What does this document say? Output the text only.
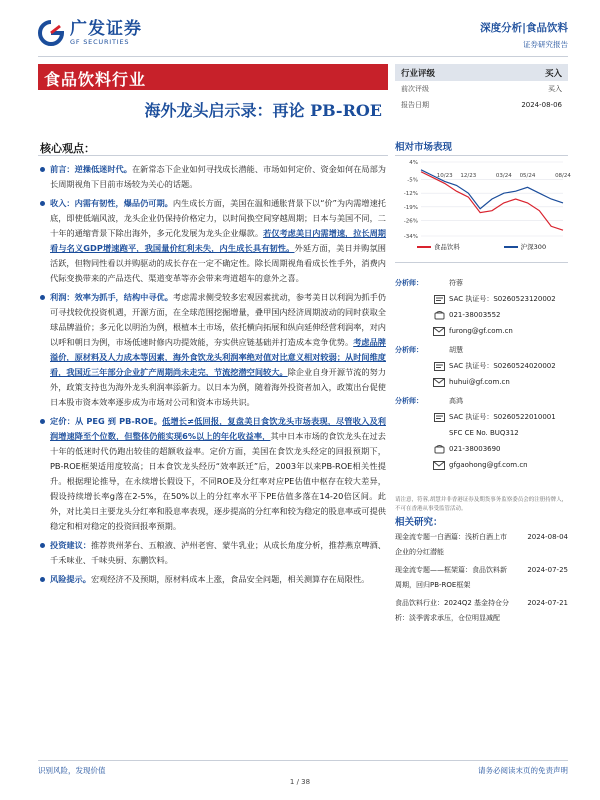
广发证券
GF SECURITIES
深度分析|食品饮料
证券研究报告
食品饮料行业
海外龙头启示录：再论 PB-ROE
行业评级	买入
前次评级	买入
报告日期	2024-08-06
核心观点：
前言：逆操低迷时代。在新常态下企业如何寻找成长潜能、市场如何定价、资金如何在局部为长周期视角下目前市场较为关心的话题。
收入：内需有韧性，爆品仍可期。内生成长方面，美国在温和通胀背景下以“价”为内需增速托底，即使低端风波，龙头企业仍保持价格定力，以时间换空间穿越周期；日本与美国不同，二十年的通缩背景下除出海外，多元化发展为龙头企业爆款。若仅考虑美日内需增速，拉长周期看与名义GDP增速跑平，我国量价红利未失，内生成长具有韧性。外延方面，美日并购氛围活跃，但物同性看以并购驱动的成长存在一定不确定性。除长周期视角看成长性手外，消费内代际变换带来的产品迭代、渠道变革等亦会带来弯道超车的意外之喜。
利润：效率为抓手，结构中寻优。考虑需求侧受较多宏观因素扰动，参考美日以利润为抓手仍可寻找较优投资机遇，开源方面，在全球范围挖掘增量，叠甲国内经济周期波动的同时获取全球品牌溢价；多元化以明治为例，根植本土市场，依托横向拓展和纵向延伸经营利润率，对内以呼和朝日为例，市场低速时修内功提效能，夯实供应链基础并打造成本竞争优势。考虑品牌溢价，原材料及人力成本等因素，海外食饮龙头利润率绝对值对比意义相对较弱；从时间维度看，我国近三年部分企业扩产周期尚未走完，节流挖潜空间较大。除企业自身开源节流的努力外，政策支持也为海外龙头利润率添新力。以日本为例，随着海外投资者加入，政策出台促使日本股市资本效率逐步成为市场对公司和资本市场共识。
定价：从 PEG 到 PB-ROE。低增长≠低回报，复盘美日食饮龙头市场表现，尽管收入及利润增速降至个位数，但整体仍能实现6%以上的年化收益率，其中日本市场的食饮龙头在过去十年的低迷时代仍跑出较佳的超额收益率。定价方面，美国在食饮龙头经定的回报预期下，PB-ROE框架适用度较高；日本食饮龙头经历“效率跃迁”后，2003年以来PB-ROE相关性提升。根据理论推导，在永续增长假设下，不同ROE及分红率对应PE估值中枢存在较大差异，假设持续增长率g落在2-5%，在50%以上的分红率水平下PE估值多落在14-20倍区间。此外，对比美日主要龙头分红率和股息率表现，逐步提高的分红率和较为稳定的股息率或可提供稳定和相对稳定的投资回报率预期。
投资建议：推荐贵州茅台、五粮液、泸州老窖、蒙牛乳业；从成长角度分析，推荐燕京啤酒、千禾味业、千味央厨、东鹏饮料。
风险提示。宏观经济不及预期，原材料成本上涨，食品安全问题，相关测算存在局限性。
相对市场表现
4%
-5%
-12%
-19%
-26%
-34%
10/23 12/23	03/24 05/24	08/24
食品饮料	沪深300
分析师：	符蓉
SAC 执证号：S0260523120002
021-38003552
furong@gf.com.cn
分析师：	胡慧
SAC 执证号：S0260524020002
huhui@gf.com.cn
分析师：	高鸿
SAC 执证号：S0260522010001
SFC CE No. BUQ312
021-38003690
gfgaohong@gf.com.cn
请注意，符蓉,胡慧并非香港证券及期货事务监察委员会的注册持牌人，不可在香港从事受监管活动。
相关研究：
现金流专题一白酒篇：浅析白酒上市企业的分红潜能
2024-08-04
现金流专题——框架篇：食品饮料新周期，回归PB-ROE框架
2024-07-25
食品饮料行业：2024Q2 基金持仓分析：淡季需求承压，仓位明显减配
2024-07-21
识别风险，发现价值	请务必阅读末页的免责声明
1 / 38
